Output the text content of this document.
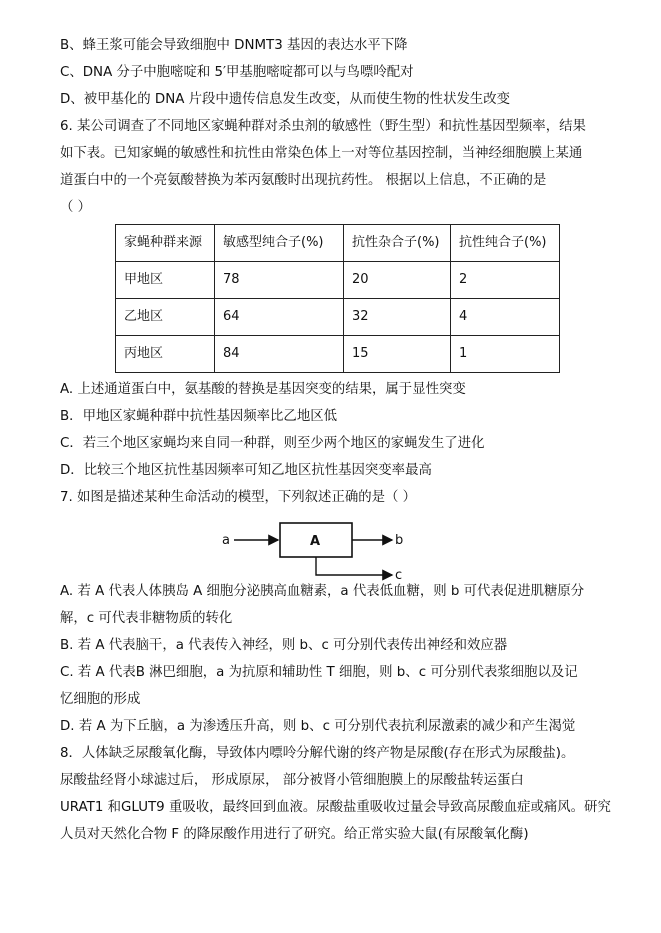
B、蜂王浆可能会导致细胞中 DNMT3 基因的表达水平下降
C、DNA 分子中胞嘧啶和 5′甲基胞嘧啶都可以与鸟嘌呤配对
D、被甲基化的 DNA 片段中遗传信息发生改变，从而使生物的性状发生改变
6. 某公司调查了不同地区家蝇种群对杀虫剂的敏感性（野生型）和抗性基因型频率，结果
如下表。已知家蝇的敏感性和抗性由常染色体上一对等位基因控制，当神经细胞膜上某通
道蛋白中的一个亮氨酸替换为苯丙氨酸时出现抗药性。 根据以上信息，不正确的是
（ ）
家蝇种群来源	敏感型纯合子(%)	抗性杂合子(%)	抗性纯合子(%)
甲地区	78	20	2
乙地区	64	32	4
丙地区	84	15	1
A. 上述通道蛋白中，氨基酸的替换是基因突变的结果，属于显性突变
B．甲地区家蝇种群中抗性基因频率比乙地区低
C．若三个地区家蝇均来自同一种群，则至少两个地区的家蝇发生了进化
D．比较三个地区抗性基因频率可知乙地区抗性基因突变率最高
7. 如图是描述某种生命活动的模型，下列叙述正确的是（ ）
a	A	b
c
A. 若 A 代表人体胰岛 A 细胞分泌胰高血糖素，a 代表低血糖，则 b 可代表促进肌糖原分
解，c 可代表非糖物质的转化
B. 若 A 代表脑干，a 代表传入神经，则 b、c 可分别代表传出神经和效应器
C. 若 A 代表B 淋巴细胞，a 为抗原和辅助性 T 细胞，则 b、c 可分别代表浆细胞以及记
忆细胞的形成
D. 若 A 为下丘脑，a 为渗透压升高，则 b、c 可分别代表抗利尿激素的减少和产生渴觉
8．人体缺乏尿酸氧化酶，导致体内嘌呤分解代谢的终产物是尿酸(存在形式为尿酸盐)。
尿酸盐经肾小球滤过后， 形成原尿， 部分被肾小管细胞膜上的尿酸盐转运蛋白
URAT1 和GLUT9 重吸收，最终回到血液。尿酸盐重吸收过量会导致高尿酸血症或痛风。研究
人员对天然化合物 F 的降尿酸作用进行了研究。给正常实验大鼠(有尿酸氧化酶)
